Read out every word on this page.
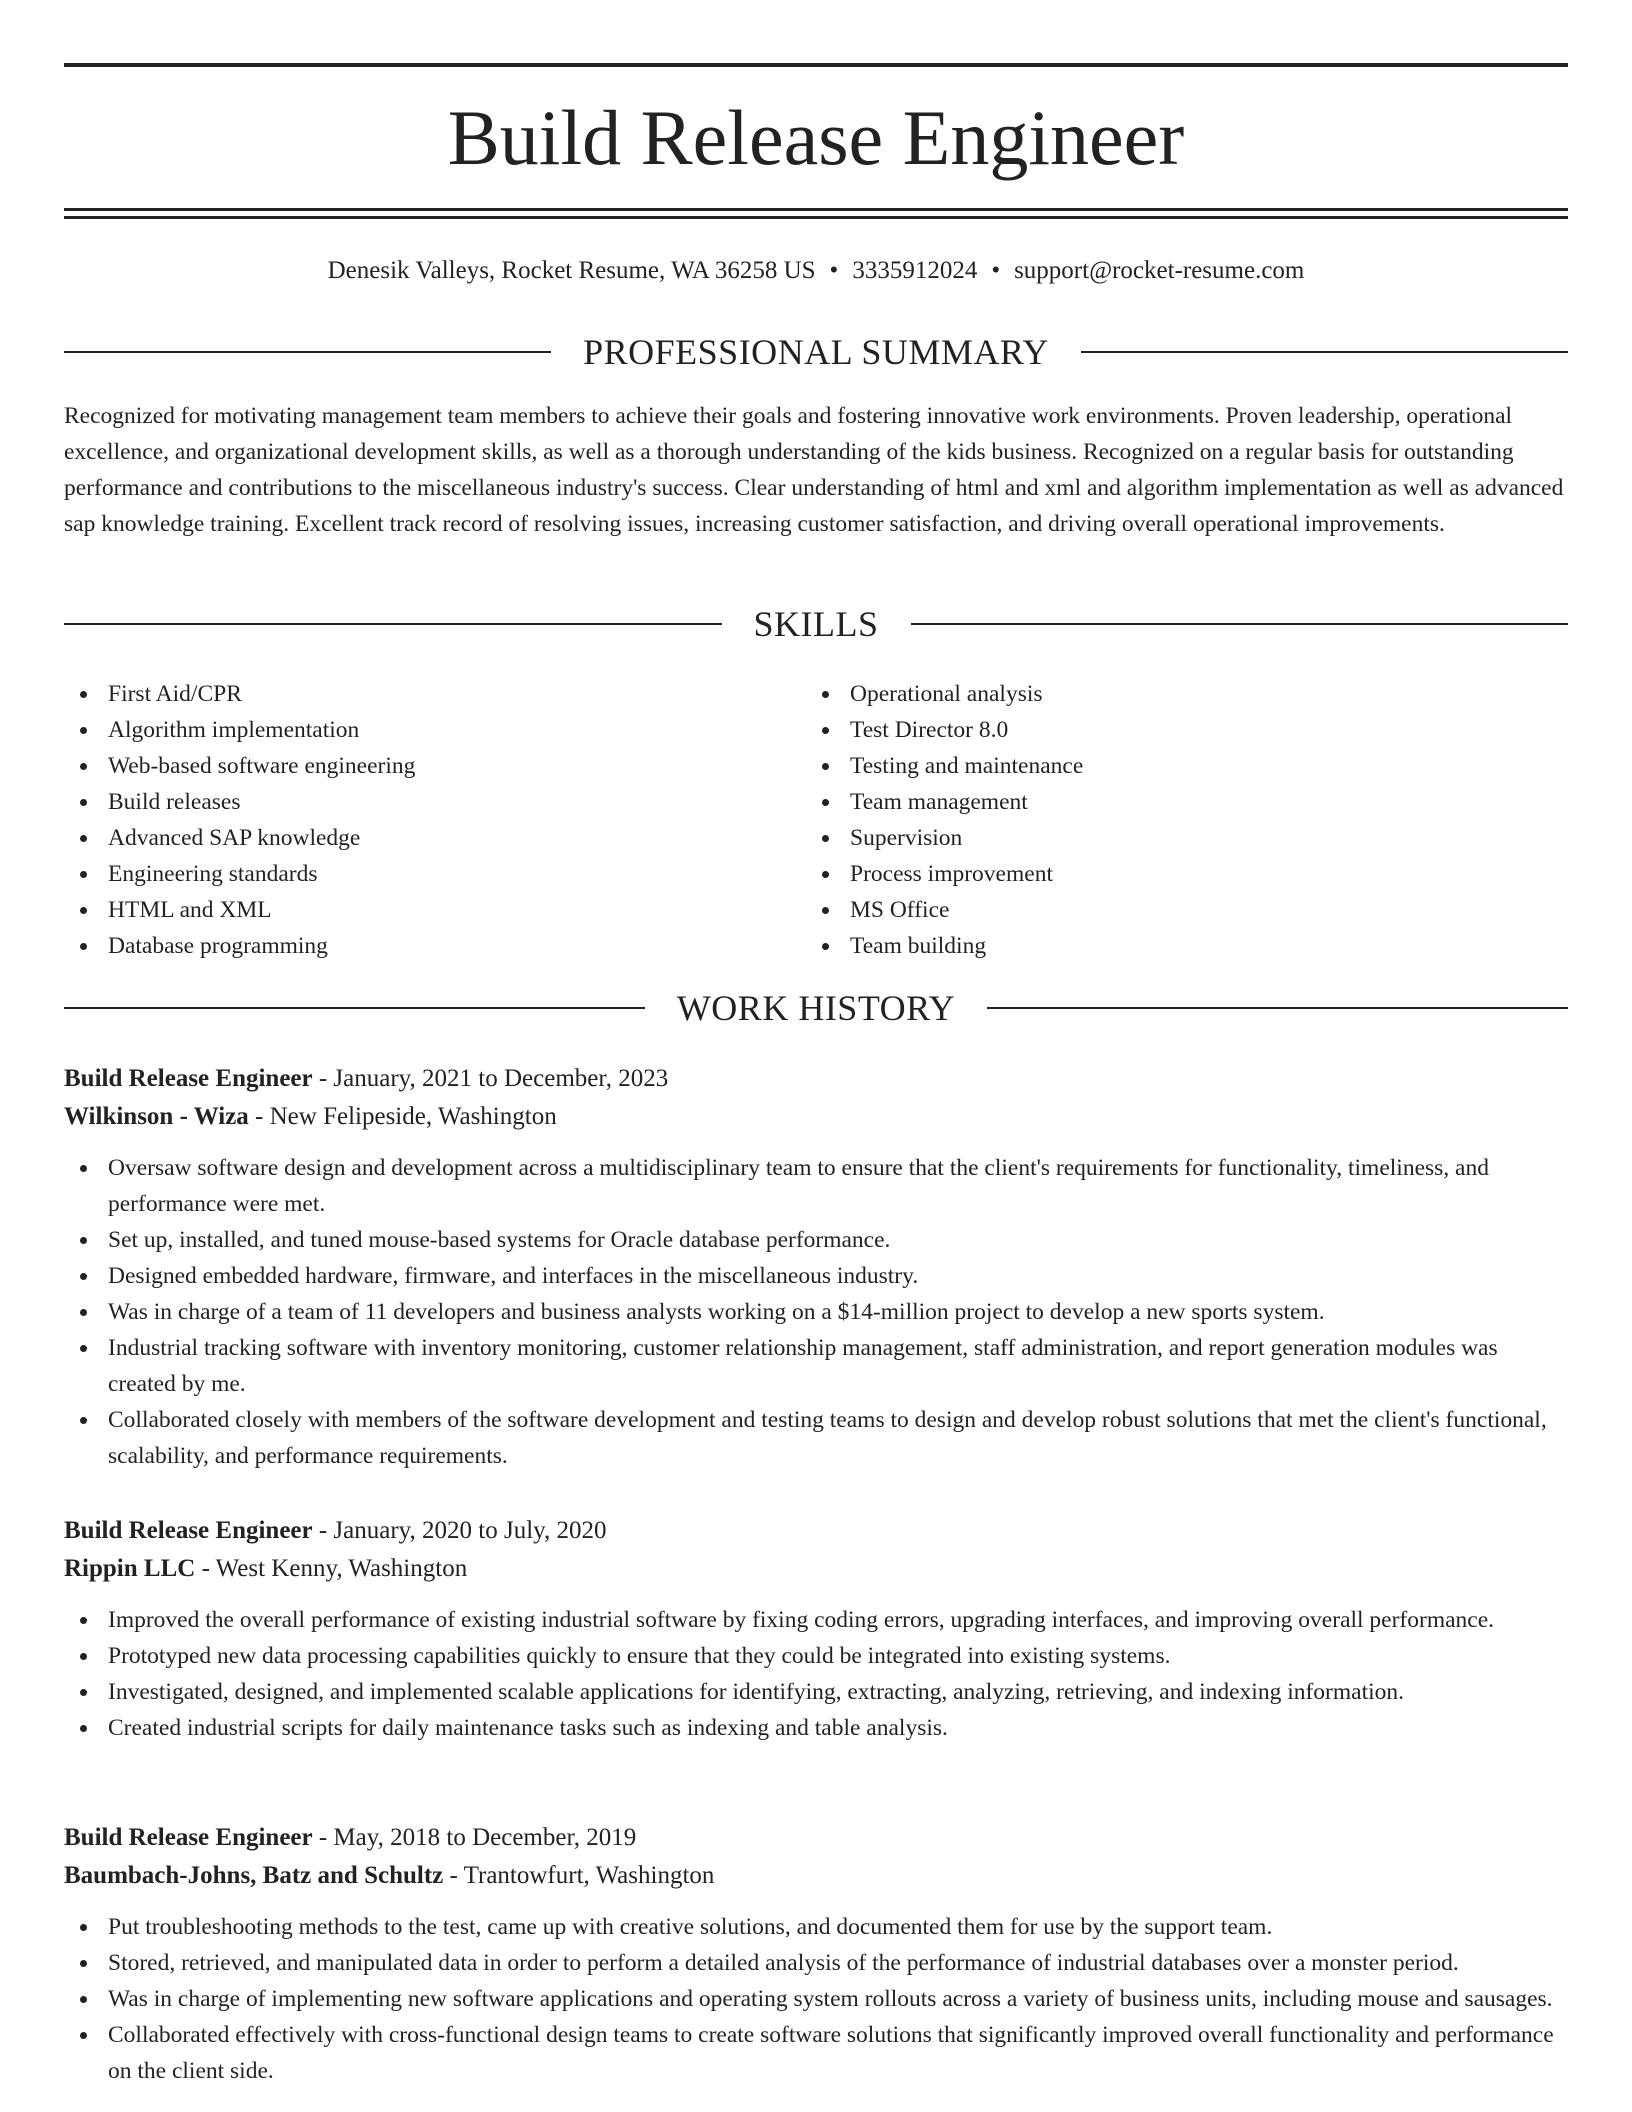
Build Release Engineer
Denesik Valleys, Rocket Resume, WA 36258 US • 3335912024 • support@rocket-resume.com
PROFESSIONAL SUMMARY

Recognized for motivating management team members to achieve their goals and fostering innovative work environments. Proven leadership, operational excellence, and organizational development skills, as well as a thorough understanding of the kids business. Recognized on a regular basis for outstanding performance and contributions to the miscellaneous industry's success. Clear understanding of html and xml and algorithm implementation as well as advanced sap knowledge training. Excellent track record of resolving issues, increasing customer satisfaction, and driving overall operational improvements.

SKILLS
First Aid/CPR
Algorithm implementation
Web-based software engineering
Build releases
Advanced SAP knowledge
Engineering standards
HTML and XML
Database programming
Operational analysis
Test Director 8.0
Testing and maintenance
Team management
Supervision
Process improvement
MS Office
Team building
WORK HISTORY
Build Release Engineer - January, 2021 to December, 2023
Wilkinson - Wiza - New Felipeside, Washington
Oversaw software design and development across a multidisciplinary team to ensure that the client's requirements for functionality, timeliness, and performance were met.
Set up, installed, and tuned mouse-based systems for Oracle database performance.
Designed embedded hardware, firmware, and interfaces in the miscellaneous industry.
Was in charge of a team of 11 developers and business analysts working on a $14-million project to develop a new sports system.
Industrial tracking software with inventory monitoring, customer relationship management, staff administration, and report generation modules was created by me.
Collaborated closely with members of the software development and testing teams to design and develop robust solutions that met the client's functional, scalability, and performance requirements.
Build Release Engineer - January, 2020 to July, 2020
Rippin LLC - West Kenny, Washington
Improved the overall performance of existing industrial software by fixing coding errors, upgrading interfaces, and improving overall performance.
Prototyped new data processing capabilities quickly to ensure that they could be integrated into existing systems.
Investigated, designed, and implemented scalable applications for identifying, extracting, analyzing, retrieving, and indexing information.
Created industrial scripts for daily maintenance tasks such as indexing and table analysis.
Build Release Engineer - May, 2018 to December, 2019
Baumbach-Johns, Batz and Schultz - Trantowfurt, Washington
Put troubleshooting methods to the test, came up with creative solutions, and documented them for use by the support team.
Stored, retrieved, and manipulated data in order to perform a detailed analysis of the performance of industrial databases over a monster period.
Was in charge of implementing new software applications and operating system rollouts across a variety of business units, including mouse and sausages.
Collaborated effectively with cross-functional design teams to create software solutions that significantly improved overall functionality and performance on the client side.
